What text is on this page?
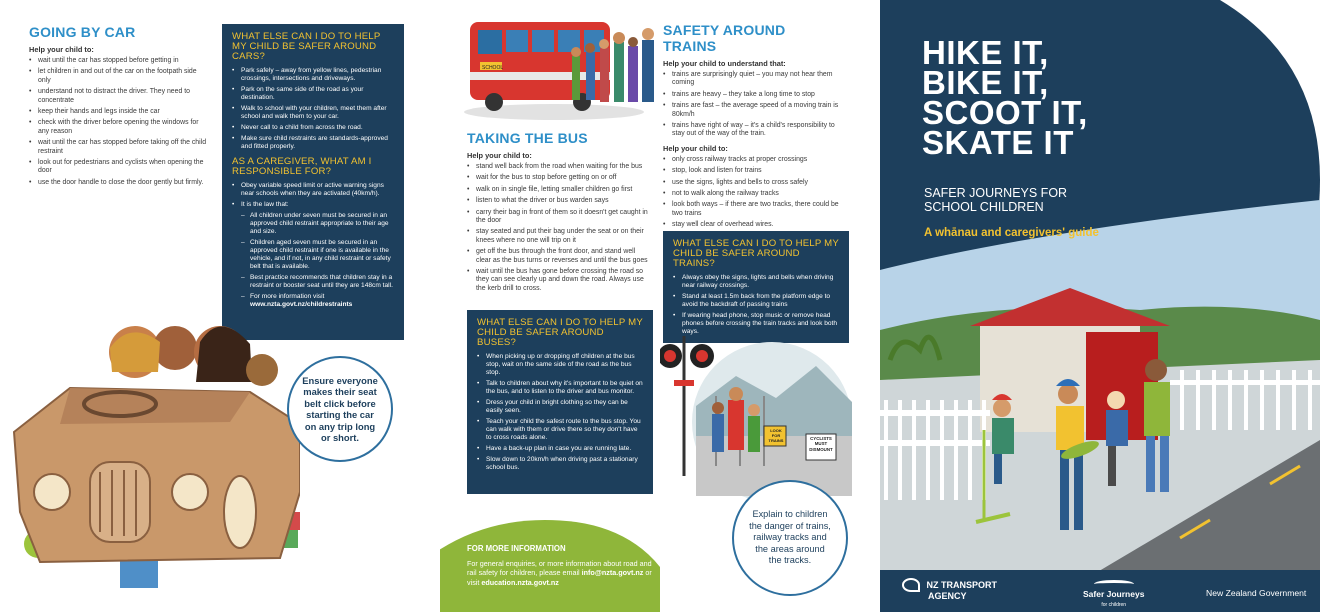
GOING BY CAR
Help your child to:
• wait until the car has stopped before getting in
• let children in and out of the car on the footpath side only
• understand not to distract the driver. They need to concentrate
• keep their hands and legs inside the car
• check with the driver before opening the windows for any reason
• wait until the car has stopped before taking off the child restraint
• look out for pedestrians and cyclists when opening the door
• use the door handle to close the door gently but firmly.
WHAT ELSE CAN I DO TO HELP MY CHILD BE SAFER AROUND CARS?
• Park safely – away from yellow lines, pedestrian crossings, intersections and driveways.
• Park on the same side of the road as your destination.
• Walk to school with your children, meet them after school and walk them to your car.
• Never call to a child from across the road.
• Make sure child restraints are standards-approved and fitted properly.
AS A CAREGIVER, WHAT AM I RESPONSIBLE FOR?
• Obey variable speed limit or active warning signs near schools when they are activated (40km/h).
• It is the law that:
– All children under seven must be secured in an approved child restraint appropriate to their age and size.
– Children aged seven must be secured in an approved child restraint if one is available in the vehicle, and if not, in any child restraint or safety belt that is available.
– Best practice recommends that children stay in a restraint or booster seat until they are 148cm tall.
– For more information visit
www.nzta.govt.nz/childrestraints
Ensure everyone makes their seat belt click before starting the car on any trip long or short.
SCHOOL
TAKING THE BUS
Help your child to:
• stand well back from the road when waiting for the bus
• wait for the bus to stop before getting on or off
• walk on in single file, letting smaller children go first
• listen to what the driver or bus warden says
• carry their bag in front of them so it doesn't get caught in the door
• stay seated and put their bag under the seat or on their knees where no one will trip on it
• get off the bus through the front door, and stand well clear as the bus turns or reverses and until the bus goes
• wait until the bus has gone before crossing the road so they can see clearly up and down the road. Always use the kerb drill to cross.
WHAT ELSE CAN I DO TO HELP MY CHILD BE SAFER AROUND BUSES?
• When picking up or dropping off children at the bus stop, wait on the same side of the road as the bus stop.
• Talk to children about why it's important to be quiet on the bus, and to listen to the driver and bus monitor.
• Dress your child in bright clothing so they can be easily seen.
• Teach your child the safest route to the bus stop. You can walk with them or drive there so they don't have to cross roads alone.
• Have a back-up plan in case you are running late.
• Slow down to 20km/h when driving past a stationary school bus.
FOR MORE INFORMATION
For general enquiries, or more information about road and rail safety for children, please email info@nzta.govt.nz or visit education.nzta.govt.nz
SAFETY AROUND TRAINS
Help your child to understand that:
• trains are surprisingly quiet – you may not hear them coming
• trains are heavy – they take a long time to stop
• trains are fast – the average speed of a moving train is 80km/h
• trains have right of way – it's a child's responsibility to stay out of the way of the train.
Help your child to:
• only cross railway tracks at proper crossings
• stop, look and listen for trains
• use the signs, lights and bells to cross safely
• not to walk along the railway tracks
• look both ways – if there are two tracks, there could be two trains
• stay well clear of overhead wires.
WHAT ELSE CAN I DO TO HELP MY CHILD BE SAFER AROUND TRAINS?
• Always obey the signs, lights and bells when driving near railway crossings.
• Stand at least 1.5m back from the platform edge to avoid the backdraft of passing trains
• If wearing head phone, stop music or remove head phones before crossing the train tracks and look both ways.
LOOK FOR TRAINS	CYCLISTS MUST DISMOUNT
Explain to children the danger of trains, railway tracks and the areas around the tracks.
NZ TRANSPORT
AGENCY	Safer Journeys
for children
New Zealand Government
HIKE IT,
BIKE IT,
SCOOT IT,
SKATE IT
SAFER JOURNEYS FOR
SCHOOL CHILDREN
A whānau and caregivers' guide
